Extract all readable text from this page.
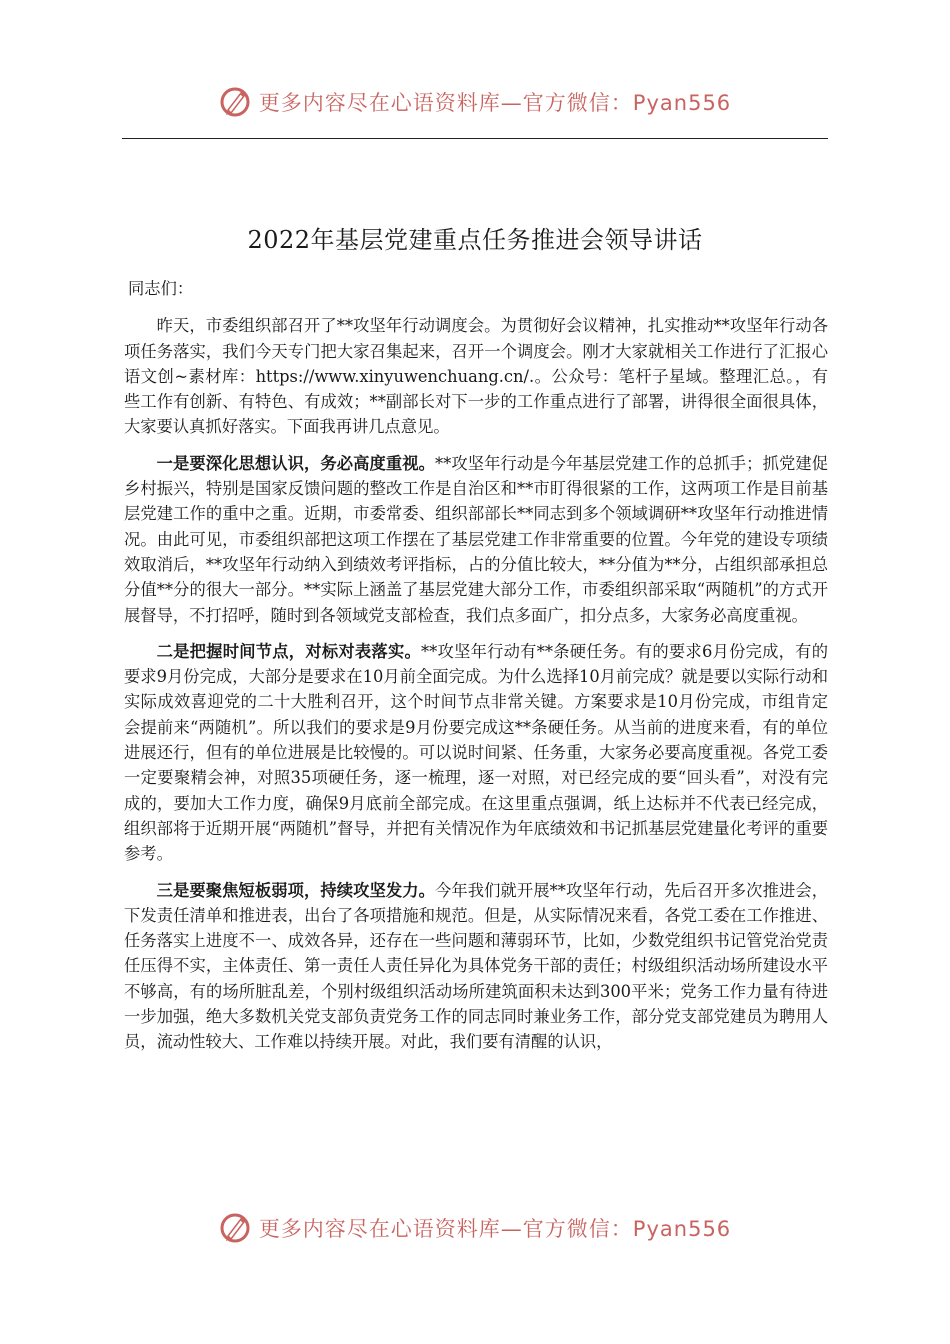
更多内容尽在心语资料库—官方微信：Pyan556
2022年基层党建重点任务推进会领导讲话

同志们：

昨天，市委组织部召开了**攻坚年行动调度会。为贯彻好会议精神，扎实推动**攻坚年行动各项任务落实，我们今天专门把大家召集起来，召开一个调度会。刚才大家就相关工作进行了汇报心语文创~素材库：https://www.xinyuwenchuang.cn/.。公众号：笔杆子星域。整理汇总。，有些工作有创新、有特色、有成效；**副部长对下一步的工作重点进行了部署，讲得很全面很具体，大家要认真抓好落实。下面我再讲几点意见。

一是要深化思想认识，务必高度重视。**攻坚年行动是今年基层党建工作的总抓手；抓党建促乡村振兴，特别是国家反馈问题的整改工作是自治区和**市盯得很紧的工作，这两项工作是目前基层党建工作的重中之重。近期，市委常委、组织部部长**同志到多个领域调研**攻坚年行动推进情况。由此可见，市委组织部把这项工作摆在了基层党建工作非常重要的位置。今年党的建设专项绩效取消后，**攻坚年行动纳入到绩效考评指标，占的分值比较大，**分值为**分，占组织部承担总分值**分的很大一部分。**实际上涵盖了基层党建大部分工作，市委组织部采取“两随机”的方式开展督导，不打招呼，随时到各领域党支部检查，我们点多面广，扣分点多，大家务必高度重视。

二是把握时间节点，对标对表落实。**攻坚年行动有**条硬任务。有的要求6月份完成，有的要求9月份完成，大部分是要求在10月前全面完成。为什么选择10月前完成？就是要以实际行动和实际成效喜迎党的二十大胜利召开，这个时间节点非常关键。方案要求是10月份完成，市组肯定会提前来“两随机”。所以我们的要求是9月份要完成这**条硬任务。从当前的进度来看，有的单位进展还行，但有的单位进展是比较慢的。可以说时间紧、任务重，大家务必要高度重视。各党工委一定要聚精会神，对照35项硬任务，逐一梳理，逐一对照，对已经完成的要“回头看”，对没有完成的，要加大工作力度，确保9月底前全部完成。在这里重点强调，纸上达标并不代表已经完成，组织部将于近期开展“两随机”督导，并把有关情况作为年底绩效和书记抓基层党建量化考评的重要参考。

三是要聚焦短板弱项，持续攻坚发力。今年我们就开展**攻坚年行动，先后召开多次推进会，下发责任清单和推进表，出台了各项措施和规范。但是，从实际情况来看，各党工委在工作推进、任务落实上进度不一、成效各异，还存在一些问题和薄弱环节，比如，少数党组织书记管党治党责任压得不实，主体责任、第一责任人责任异化为具体党务干部的责任；村级组织活动场所建设水平不够高，有的场所脏乱差，个别村级组织活动场所建筑面积未达到300平米；党务工作力量有待进一步加强，绝大多数机关党支部负责党务工作的同志同时兼业务工作，部分党支部党建员为聘用人员，流动性较大、工作难以持续开展。对此，我们要有清醒的认识，

更多内容尽在心语资料库—官方微信：Pyan556
